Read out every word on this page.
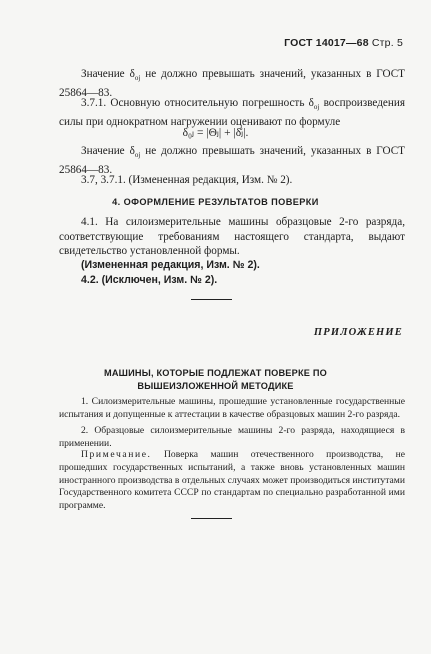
ГОСТ 14017—68 Стр. 5
Значение $\delta_{oj}$ не должно превышать значений, указанных в ГОСТ 25864—83.
3.7.1. Основную относительную погрешность $\delta_{oj}$ воспроизведения силы при однократном нагружении оценивают по формуле
δ₀ⱼ = |Θⱼ| + |δ̊ⱼ|.
Значение $\delta_{oj}$ не должно превышать значений, указанных в ГОСТ 25864—83.
3.7, 3.7.1. (Измененная редакция, Изм. № 2).
4. ОФОРМЛЕНИЕ РЕЗУЛЬТАТОВ ПОВЕРКИ
4.1. На силоизмерительные машины образцовые 2-го разряда, соответствующие требованиям настоящего стандарта, выдают свидетельство установленной формы.
(Измененная редакция, Изм. № 2).
4.2. (Исключен, Изм. № 2).
ПРИЛОЖЕНИЕ
МАШИНЫ, КОТОРЫЕ ПОДЛЕЖАТ ПОВЕРКЕ ПО
ВЫШЕИЗЛОЖЕННОЙ МЕТОДИКЕ
1. Силоизмерительные машины, прошедшие установленные государственные испытания и допущенные к аттестации в качестве образцовых машин 2-го разряда.
2. Образцовые силоизмерительные машины 2-го разряда, находящиеся в применении.
Примечание. Поверка машин отечественного производства, не прошедших государственных испытаний, а также вновь установленных машин иностранного производства в отдельных случаях может производиться институтами Государственного комитета СССР по стандартам по специально разработанной ими программе.
